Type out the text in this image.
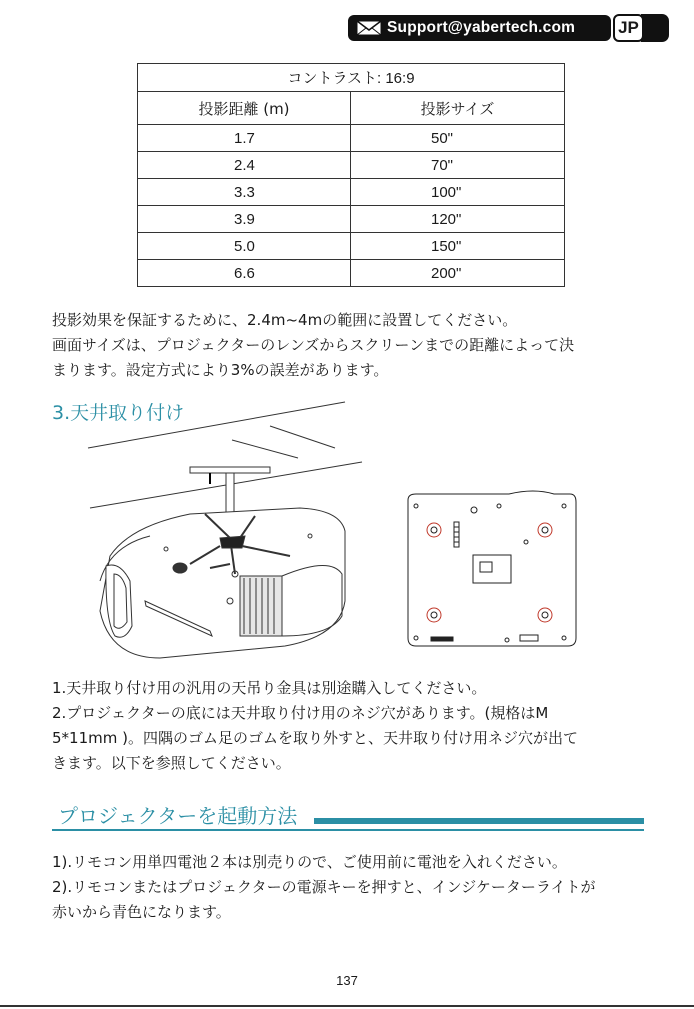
Support@yabertech.com	JP
コントラスト: 16:9	
投影距離 (m)	投影サイズ
1.7	50"
2.4	70"
3.3	100"
3.9	120"
5.0	150"
6.6	200"
投影効果を保証するために、2.4m~4mの範囲に設置してください。
画面サイズは、プロジェクターのレンズからスクリーンまでの距離によって決
まります。設定方式により3%の誤差があります。
3.天井取り付け
1.天井取り付け用の汎用の天吊り金具は別途購入してください。
2.プロジェクターの底には天井取り付け用のネジ穴があります。(規格はM
5*11mm )。四隅のゴム足のゴムを取り外すと、天井取り付け用ネジ穴が出て
きます。以下を参照してください。
プロジェクターを起動方法
1).リモコン用単四電池２本は別売りので、ご使用前に電池を入れください。
2).リモコンまたはプロジェクターの電源キーを押すと、インジケーターライトが
赤いから青色になります。
137
